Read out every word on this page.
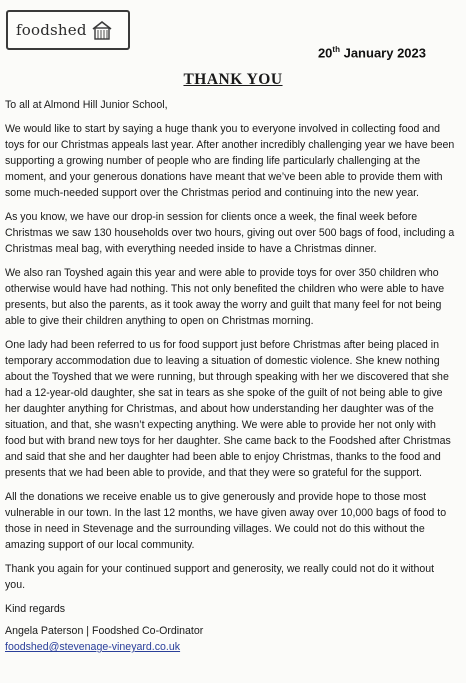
foodshed
20th January 2023
THANK YOU

To all at Almond Hill Junior School,

We would like to start by saying a huge thank you to everyone involved in collecting food and toys for our Christmas appeals last year. After another incredibly challenging year we have been supporting a growing number of people who are finding life particularly challenging at the moment, and your generous donations have meant that we’ve been able to provide them with some much-needed support over the Christmas period and continuing into the new year.

As you know, we have our drop-in session for clients once a week, the final week before Christmas we saw 130 households over two hours, giving out over 500 bags of food, including a Christmas meal bag, with everything needed inside to have a Christmas dinner.

We also ran Toyshed again this year and were able to provide toys for over 350 children who otherwise would have had nothing. This not only benefited the children who were able to have presents, but also the parents, as it took away the worry and guilt that many feel for not being able to give their children anything to open on Christmas morning.

One lady had been referred to us for food support just before Christmas after being placed in temporary accommodation due to leaving a situation of domestic violence. She knew nothing about the Toyshed that we were running, but through speaking with her we discovered that she had a 12-year-old daughter, she sat in tears as she spoke of the guilt of not being able to give her daughter anything for Christmas, and about how understanding her daughter was of the situation, and that, she wasn’t expecting anything. We were able to provide her not only with food but with brand new toys for her daughter. She came back to the Foodshed after Christmas and said that she and her daughter had been able to enjoy Christmas, thanks to the food and presents that we had been able to provide, and that they were so grateful for the support.

All the donations we receive enable us to give generously and provide hope to those most vulnerable in our town. In the last 12 months, we have given away over 10,000 bags of food to those in need in Stevenage and the surrounding villages. We could not do this without the amazing support of our local community.

Thank you again for your continued support and generosity, we really could not do it without you.

Kind regards

Angela Paterson | Foodshed Co-Ordinator

foodshed@stevenage-vineyard.co.uk
